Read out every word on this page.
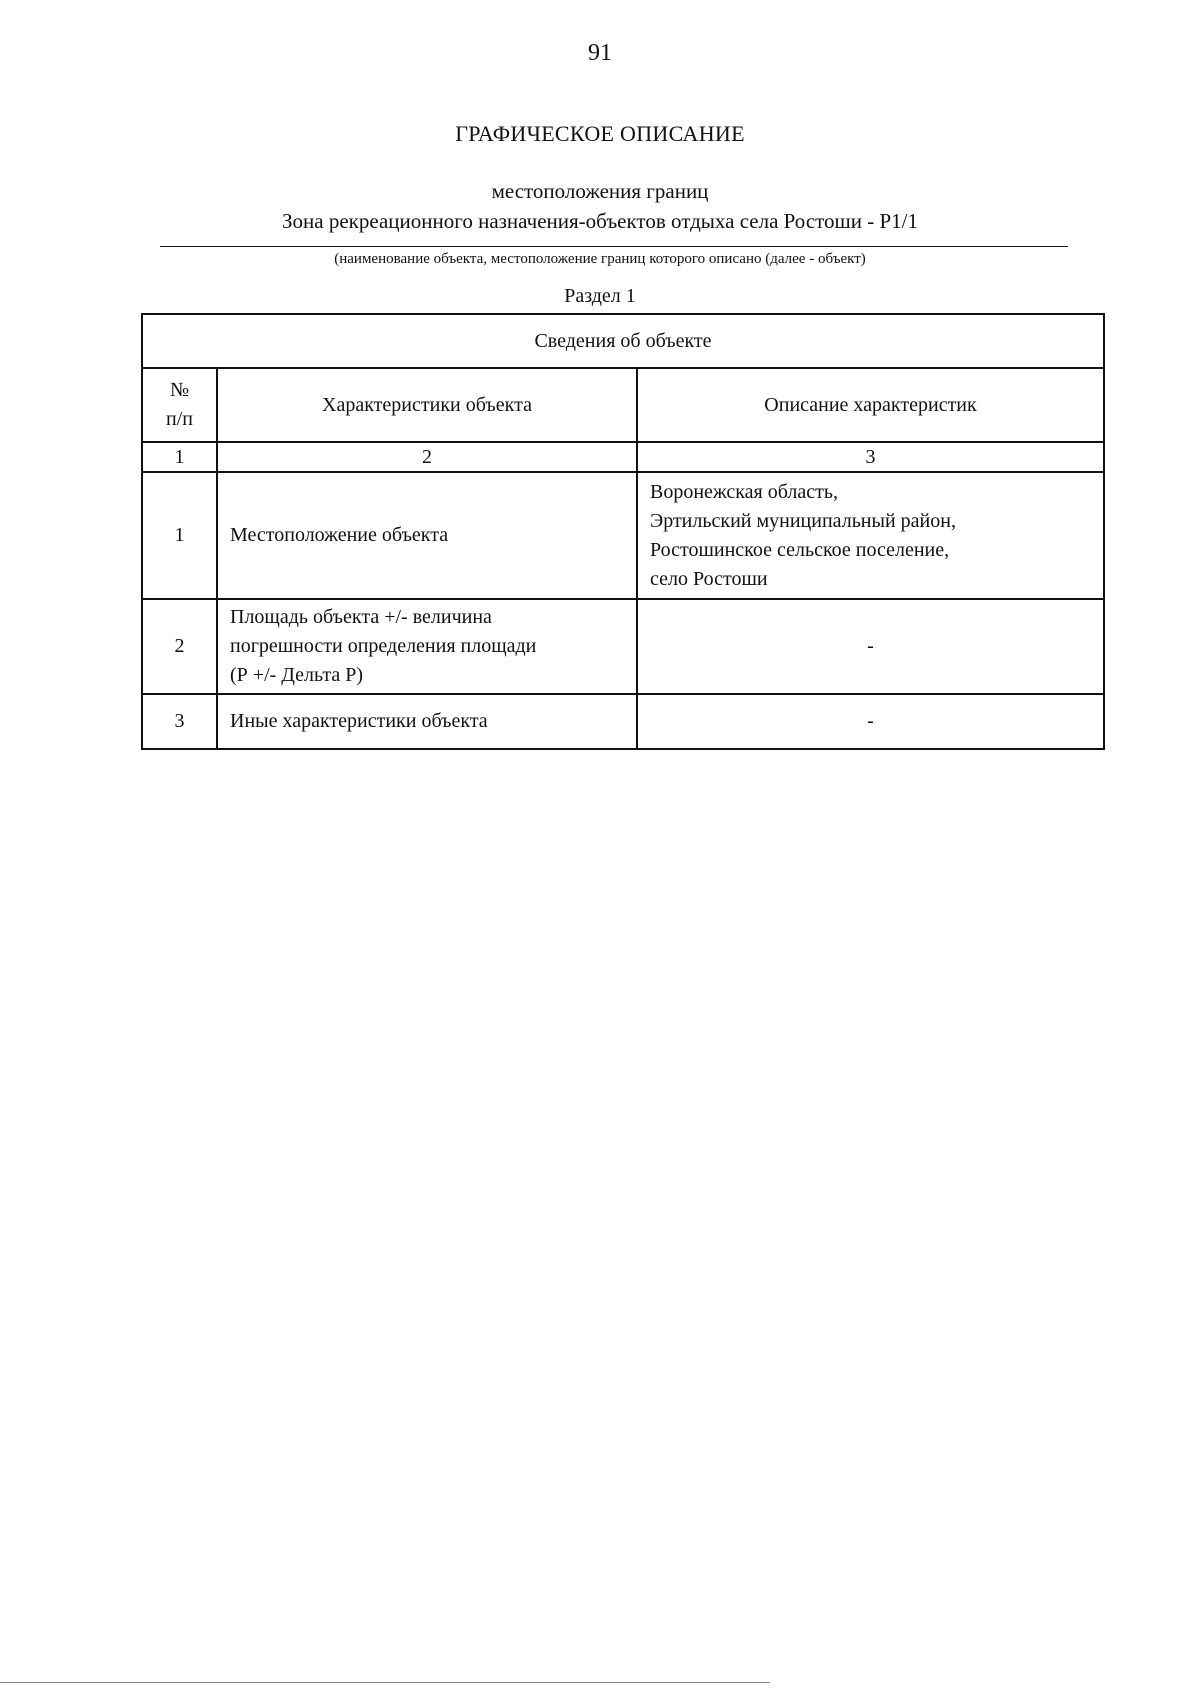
91
ГРАФИЧЕСКОЕ ОПИСАНИЕ
местоположения границ
Зона рекреационного назначения-объектов отдыха села Ростоши - Р1/1
(наименование объекта, местоположение границ которого описано (далее - объект)
Раздел 1
Сведения об объекте		
№
п/п	Характеристики объекта	Описание характеристик
1	2	3
1	Местоположение объекта	Воронежская область,
Эртильский муниципальный район,
Ростошинское сельское поселение,
село Ростоши
2	Площадь объекта +/- величина
погрешности определения площади
(Р +/- Дельта Р)	-
3	Иные характеристики объекта	-
